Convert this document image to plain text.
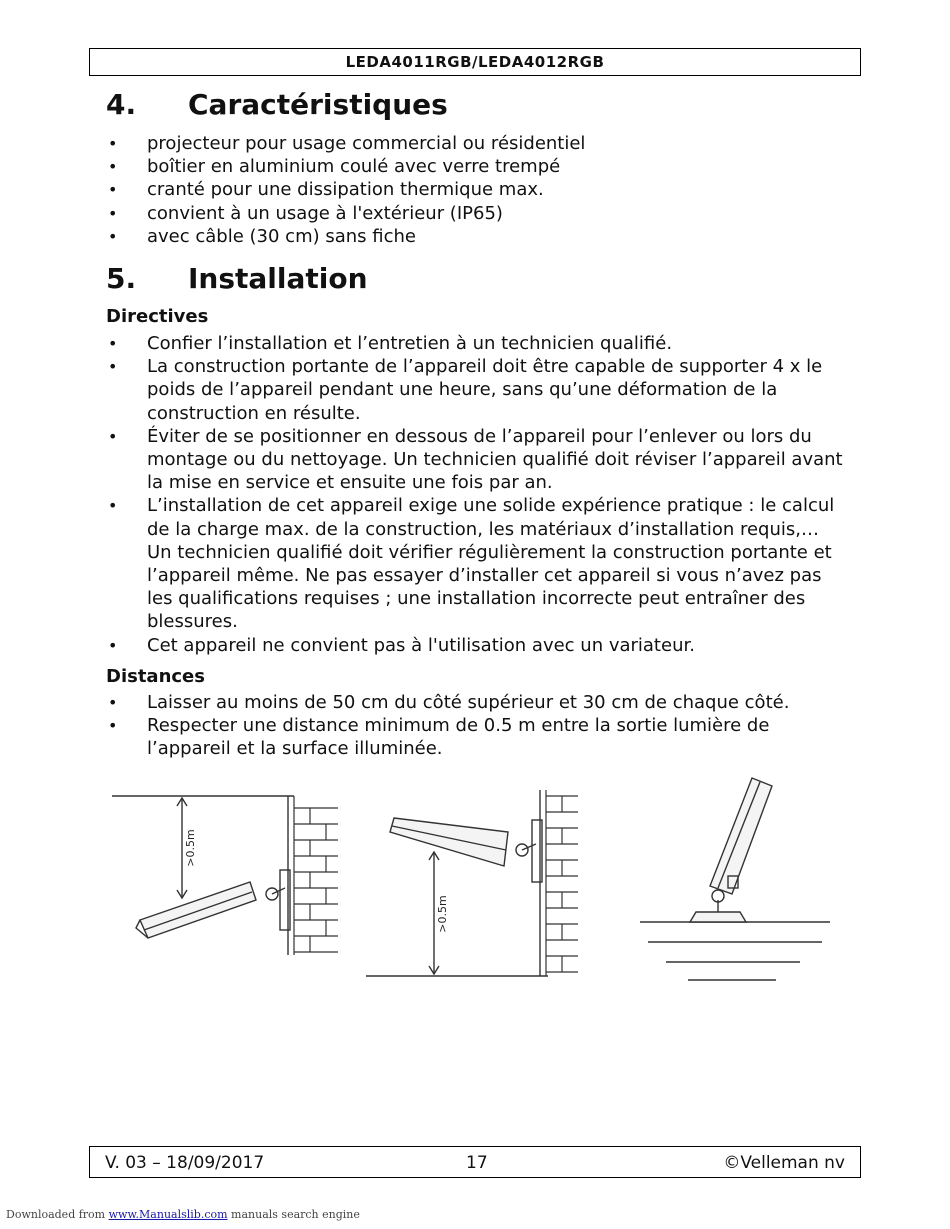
LEDA4011RGB/LEDA4012RGB
4. Caractéristiques
• projecteur pour usage commercial ou résidentiel
• boîtier en aluminium coulé avec verre trempé
• cranté pour une dissipation thermique max.
• convient à un usage à l'extérieur (IP65)
• avec câble (30 cm) sans fiche
5. Installation
Directives
• Confier l’installation et l’entretien à un technicien qualifié.
• La construction portante de l’appareil doit être capable de supporter 4 x le poids de l’appareil pendant une heure, sans qu’une déformation de la construction en résulte.
• Éviter de se positionner en dessous de l’appareil pour l’enlever ou lors du montage ou du nettoyage. Un technicien qualifié doit réviser l’appareil avant la mise en service et ensuite une fois par an.
• L’installation de cet appareil exige une solide expérience pratique : le calcul de la charge max. de la construction, les matériaux d’installation requis,… Un technicien qualifié doit vérifier régulièrement la construction portante et l’appareil même. Ne pas essayer d’installer cet appareil si vous n’avez pas les qualifications requises ; une installation incorrecte peut entraîner des blessures.
• Cet appareil ne convient pas à l'utilisation avec un variateur.
Distances
• Laisser au moins de 50 cm du côté supérieur et 30 cm de chaque côté.
• Respecter une distance minimum de 0.5 m entre la sortie lumière de l’appareil et la surface illuminée.
>0.5m
>0.5m
V. 03 – 18/09/2017	17	©Velleman nv
Downloaded from www.Manualslib.com manuals search engine
